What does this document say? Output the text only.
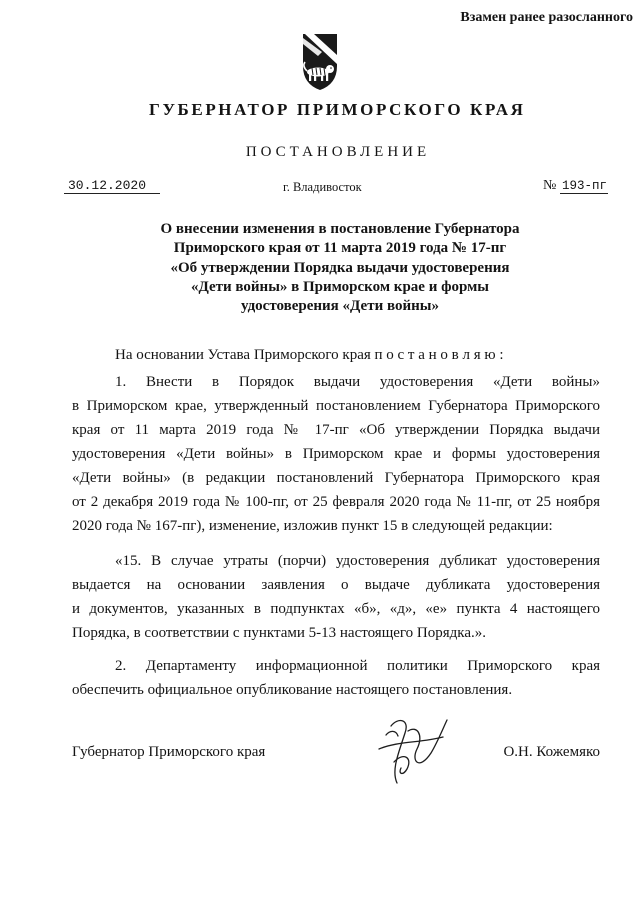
Взамен ранее разосланного
ГУБЕРНАТОР ПРИМОРСКОГО КРАЯ
ПОСТАНОВЛЕНИЕ
30.12.2020	г. Владивосток	№ 193-пг
О внесении изменения в постановление Губернатора
Приморского края от 11 марта 2019 года № 17-пг
«Об утверждении Порядка выдачи удостоверения
«Дети войны» в Приморском крае и формы
удостоверения «Дети войны»
На основании Устава Приморского края п о с т а н о в л я ю :
1. Внести в Порядок выдачи удостоверения «Дети войны»
в Приморском крае, утвержденный постановлением Губернатора Приморского
края от 11 марта 2019 года № 17-пг «Об утверждении Порядка выдачи
удостоверения «Дети войны» в Приморском крае и формы удостоверения
«Дети войны» (в редакции постановлений Губернатора Приморского края
от 2 декабря 2019 года № 100-пг, от 25 февраля 2020 года № 11-пг, от 25 ноября
2020 года № 167-пг), изменение, изложив пункт 15 в следующей редакции:
«15. В случае утраты (порчи) удостоверения дубликат удостоверения
выдается на основании заявления о выдаче дубликата удостоверения
и документов, указанных в подпунктах «б», «д», «е» пункта 4 настоящего
Порядка, в соответствии с пунктами 5-13 настоящего Порядка.».
2. Департаменту информационной политики Приморского края
обеспечить официальное опубликование настоящего постановления.
Губернатор Приморского края	О.Н. Кожемяко
